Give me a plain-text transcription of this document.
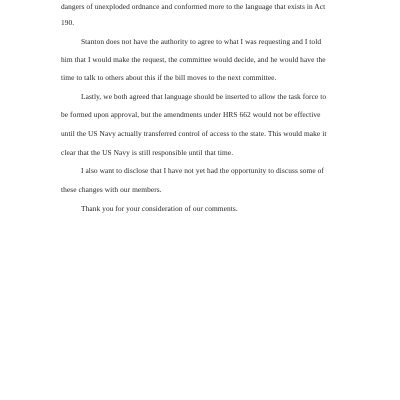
dangers of unexploded ordnance and conformed more to the language that exists in Act
190.
Stanton does not have the authority to agree to what I was requesting and I told
him that I would make the request, the committee would decide, and he would have the
time to talk to others about this if the bill moves to the next committee.
Lastly, we both agreed that language should be inserted to allow the task force to
be formed upon approval, but the amendments under HRS 662 would not be effective
until the US Navy actually transferred control of access to the state. This would make it
clear that the US Navy is still responsible until that time.
I also want to disclose that I have not yet had the opportunity to discuss some of
these changes with our members.
Thank you for your consideration of our comments.
